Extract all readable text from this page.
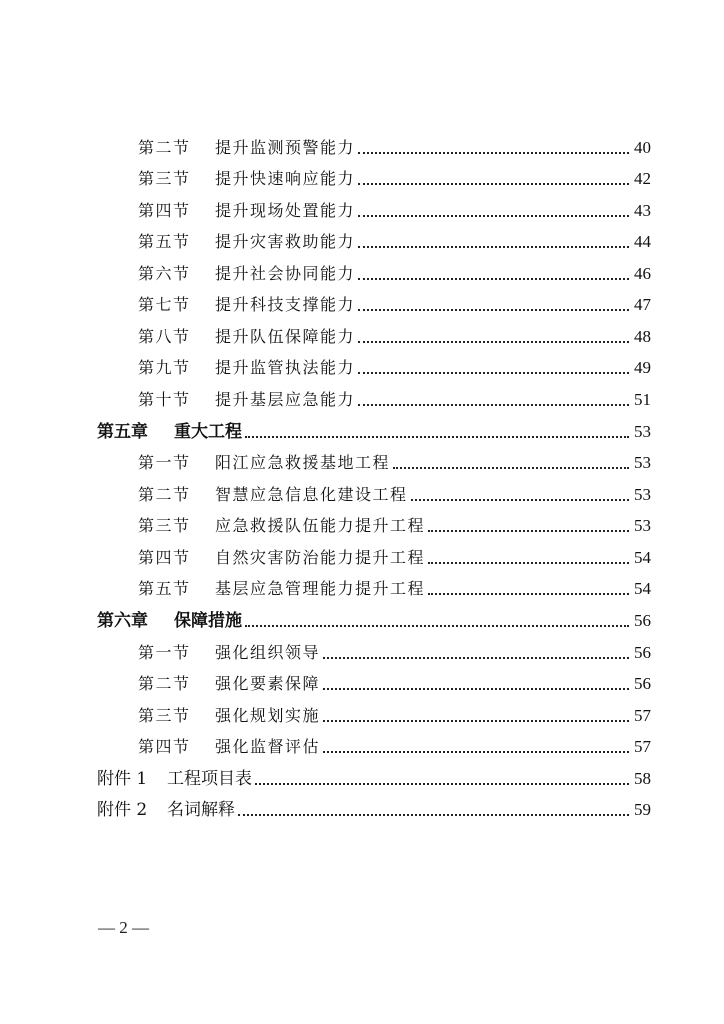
第二节	提升监测预警能力	40
第三节	提升快速响应能力	42
第四节	提升现场处置能力	43
第五节	提升灾害救助能力	44
第六节	提升社会协同能力	46
第七节	提升科技支撑能力	47
第八节	提升队伍保障能力	48
第九节	提升监管执法能力	49
第十节	提升基层应急能力	51
第五章	重大工程	53
第一节	阳江应急救援基地工程	53
第二节	智慧应急信息化建设工程	53
第三节	应急救援队伍能力提升工程	53
第四节	自然灾害防治能力提升工程	54
第五节	基层应急管理能力提升工程	54
第六章	保障措施	56
第一节	强化组织领导	56
第二节	强化要素保障	56
第三节	强化规划实施	57
第四节	强化监督评估	57
附件 1	工程项目表	58
附件 2	名词解释	59
— 2 —
